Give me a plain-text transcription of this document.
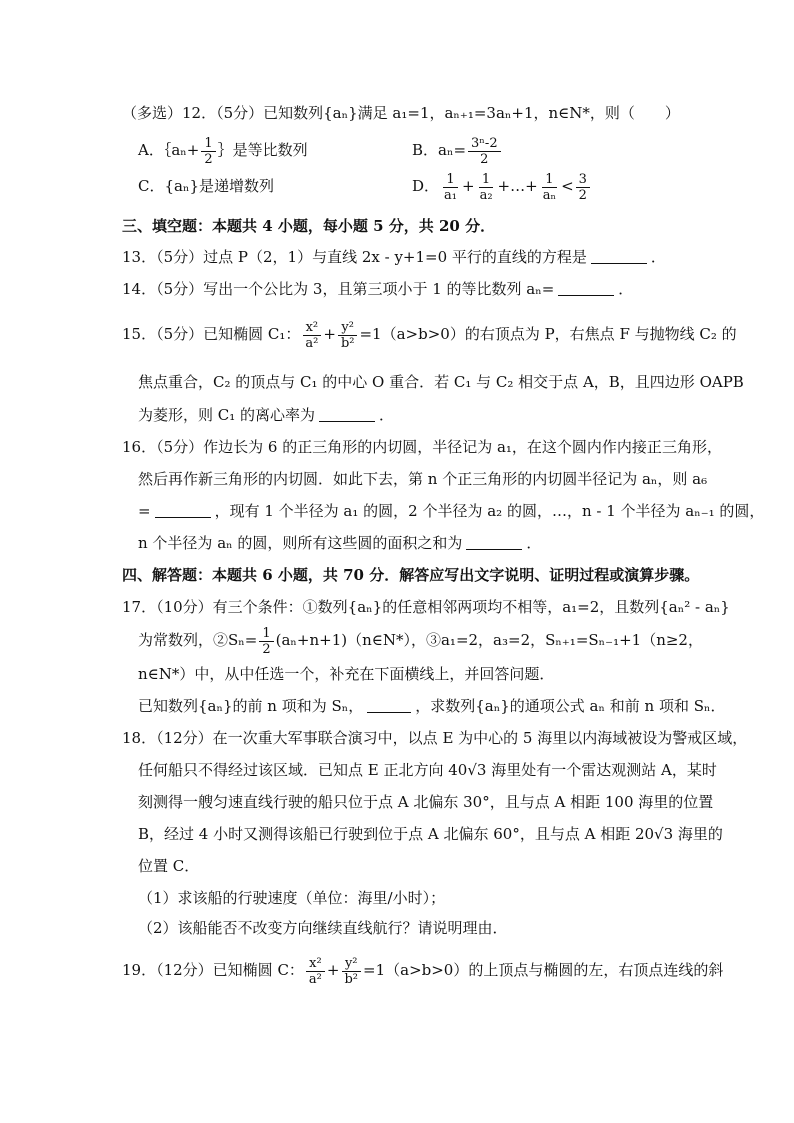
（多选）12．（5分）已知数列{aₙ}满足 a₁=1，aₙ₊₁=3aₙ+1，n∈N*，则（　　）
A．｛aₙ+ $\frac{1}{2}$ ｝是等比数列	B．$a_n= \frac{\text{3ⁿ-2}}{2}$
C．{aₙ}是递增数列	D． $\frac{1}{\text{a₁}} + \frac{1}{\text{a₂}}$ +…+ $\frac{1}{\text{aₙ}} < \frac{3}{2}$
三、填空题：本题共 4 小题，每小题 5 分，共 20 分．
13．（5分）过点 P（2，1）与直线 2x - y+1=0 平行的直线的方程是	．
14．（5分）写出一个公比为 3，且第三项小于 1 的等比数列 aₙ=	．
15．（5分）已知椭圆 C₁： $\frac{\text{x²}}{\text{a²}} + \frac{\text{y²}}{\text{b²}} =1(a>b>0)$的右顶点为 P，右焦点 F 与抛物线 C₂ 的
焦点重合，C₂ 的顶点与 C₁ 的中心 O 重合．若 C₁ 与 C₂ 相交于点 A，B，且四边形 OAPB
为菱形，则 C₁ 的离心率为	．
16．（5分）作边长为 6 的正三角形的内切圆，半径记为 a₁，在这个圆内作内接正三角形，
然后再作新三角形的内切圆．如此下去，第 n 个正三角形的内切圆半径记为 aₙ，则 a₆
=	，现有 1 个半径为 a₁ 的圆，2 个半径为 a₂ 的圆，…，n - 1 个半径为 aₙ₋₁ 的圆，
n 个半径为 aₙ 的圆，则所有这些圆的面积之和为	．
四、解答题：本题共 6 小题，共 70 分．解答应写出文字说明、证明过程或演算步骤。
17．（10分）有三个条件：①数列{aₙ}的任意相邻两项均不相等，a₁=2，且数列{aₙ² - aₙ}
为常数列，②Sₙ= $\frac{1}{2}$ (aₙ+n+1)（n∈N*），③a₁=2，a₃=2，Sₙ₊₁=Sₙ₋₁+1（n≥2，
n∈N*）中，从中任选一个，补充在下面横线上，并回答问题．
已知数列{aₙ}的前 n 项和为 Sₙ，	，求数列{aₙ}的通项公式 aₙ 和前 n 项和 Sₙ．
18．（12分）在一次重大军事联合演习中，以点 E 为中心的 5 海里以内海域被设为警戒区域，
任何船只不得经过该区域．已知点 E 正北方向 40√3 海里处有一个雷达观测站 A，某时
刻测得一艘匀速直线行驶的船只位于点 A 北偏东 30°，且与点 A 相距 100 海里的位置
B，经过 4 小时又测得该船已行驶到位于点 A 北偏东 60°，且与点 A 相距 20√3 海里的
位置 C．
（1）求该船的行驶速度（单位：海里/小时）；
（2）该船能否不改变方向继续直线航行？请说明理由．
19．（12分）已知椭圆 C： $\frac{\text{x²}}{\text{a²}} + \frac{\text{y²}}{\text{b²}} =1(a>b>0)$的上顶点与椭圆的左，右顶点连线的斜
